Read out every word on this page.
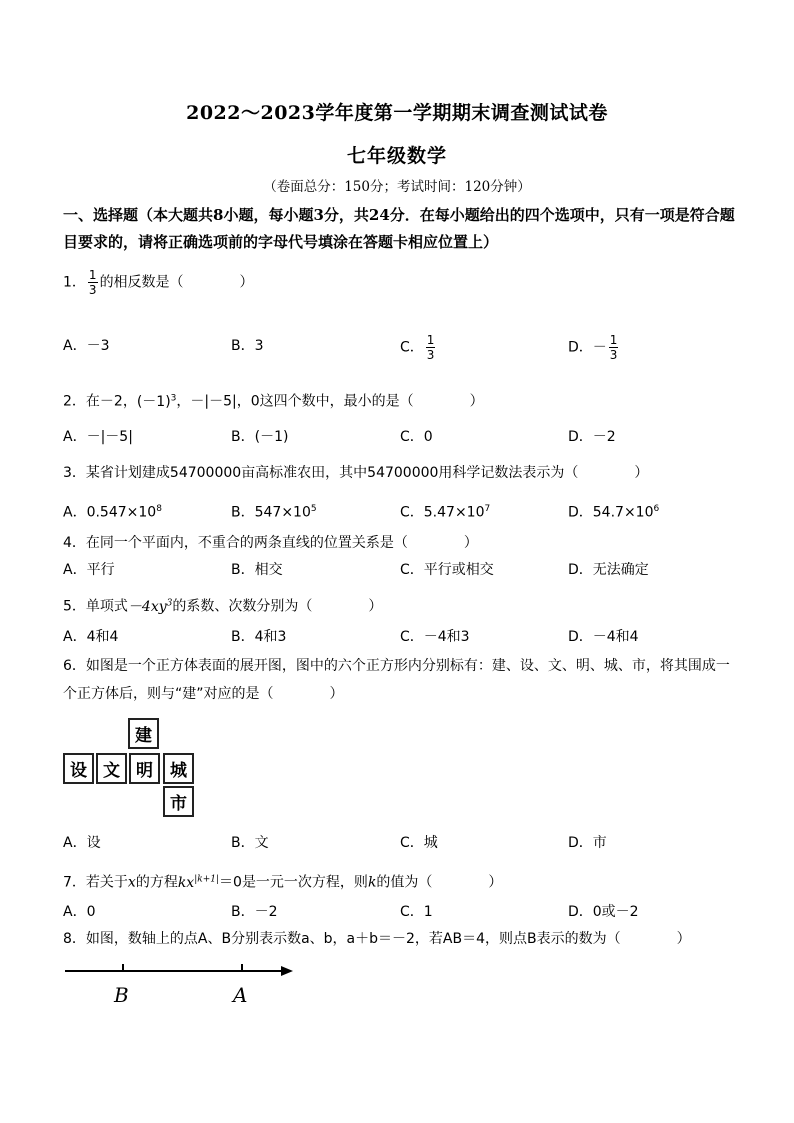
2022～2023学年度第一学期期末调查测试试卷
七年级数学
（卷面总分：150分；考试时间：120分钟）
一、选择题（本大题共8小题，每小题3分，共24分．在每小题给出的四个选项中，只有一项是符合题目要求的，请将正确选项前的字母代号填涂在答题卡相应位置上）
1． $\frac{1}{3}$ 的相反数是（　　　　）
A．－3	B．3	C． $\frac{1}{3}$	D．－ $\frac{1}{3}$
2．在－2，$(-1)^3$，－|－5|，0这四个数中，最小的是（　　　　）
A．－|－5|	B．(－1)	C．0	D．－2
3．某省计划建成54700000亩高标准农田，其中54700000用科学记数法表示为（　　　　）
A．$0.547\times 10^8$	B．$547\times 10^5$	C．$5.47\times 10^7$	D．$54.7\times 10^6$
4．在同一个平面内，不重合的两条直线的位置关系是（　　　　）
A．平行	B．相交	C．平行或相交	D．无法确定
5．单项式$-4xy^3$的系数、次数分别为（　　　　）
A．4和4	B．4和3	C．－4和3	D．－4和4
6．如图是一个正方体表面的展开图，图中的六个正方形内分别标有：建、设、文、明、城、市，将其围成一个正方体后，则与“建”对应的是（　　　　）
建
设 文 明	城
市
A．设	B．文	C．城	D．市
7．若关于x的方程$kx^{|k+1|}=0$是一元一次方程，则k的值为（　　　　）
A．0	B．－2	C．1	D．0或－2
8．如图，数轴上的点A、B分别表示数a、b，a＋b＝－2，若AB＝4，则点B表示的数为（　　　　）
B	A
